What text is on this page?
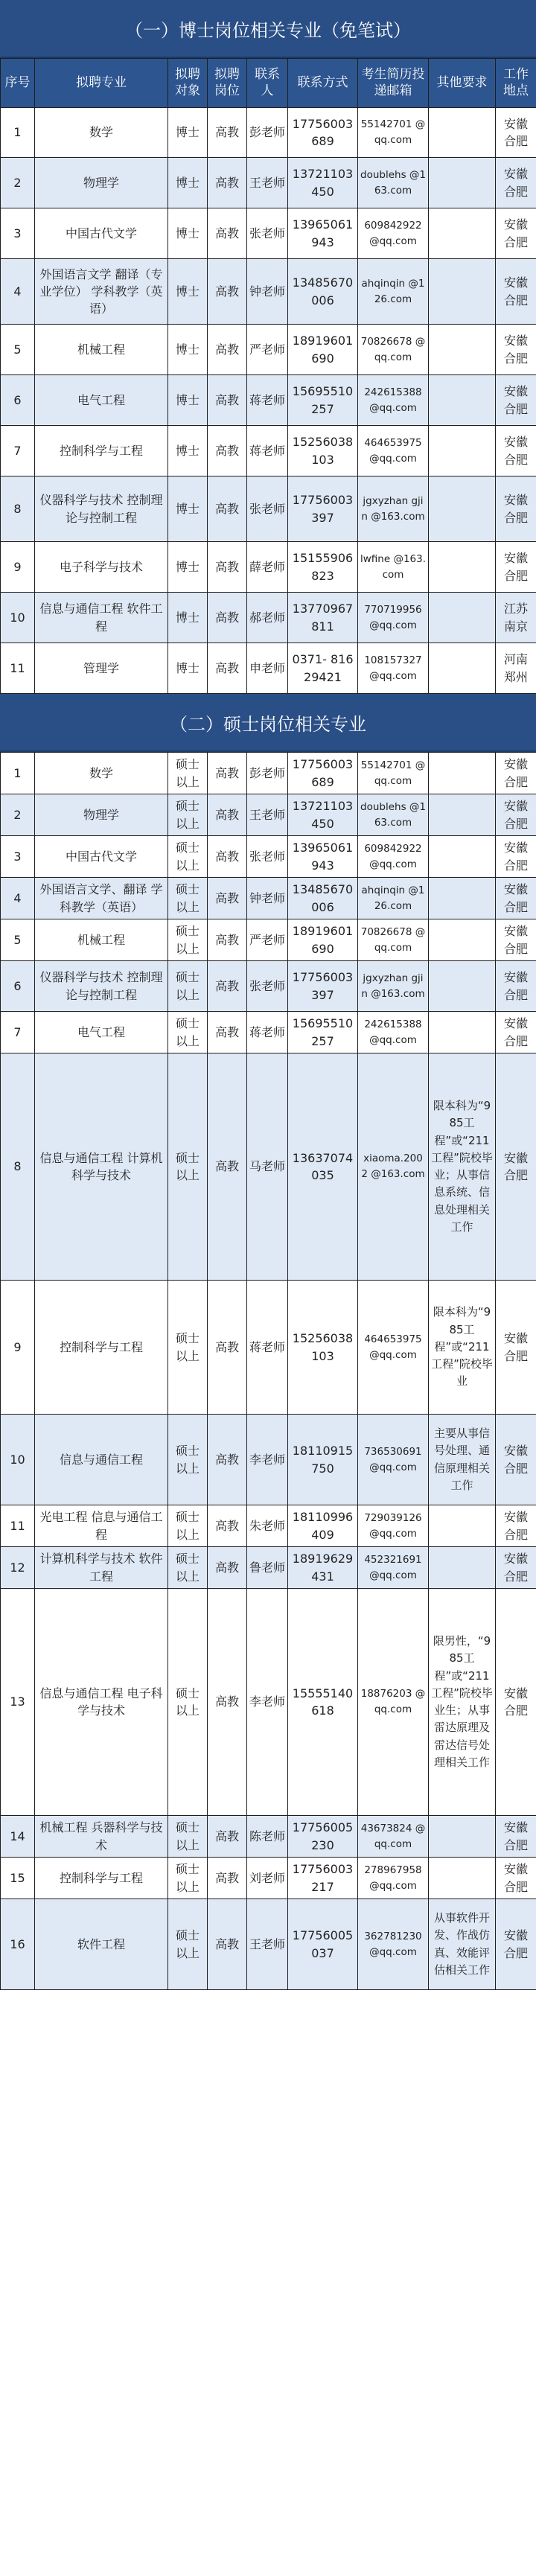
（一）博士岗位相关专业（免笔试）
序号	拟聘专业	拟聘对象	拟聘岗位	联系人	联系方式	考生简历投递邮箱	其他要求	工作地点
1	数学	博士	高教	彭老师	17756003 689	55142701 @qq.com		安徽 合肥
2	物理学	博士	高教	王老师	13721103 450	doublehs @163.com		安徽 合肥
3	中国古代文学	博士	高教	张老师	13965061 943	609842922 @qq.com		安徽 合肥
4	外国语言文学 翻译（专业学位） 学科教学（英语）	博士	高教	钟老师	13485670 006	ahqinqin @126.com		安徽 合肥
5	机械工程	博士	高教	严老师	18919601 690	70826678 @qq.com		安徽 合肥
6	电气工程	博士	高教	蒋老师	15695510 257	242615388 @qq.com		安徽 合肥
7	控制科学与工程	博士	高教	蒋老师	15256038 103	464653975 @qq.com		安徽 合肥
8	仪器科学与技术 控制理论与控制工程	博士	高教	张老师	17756003 397	jgxyzhan gjin @163.com		安徽 合肥
9	电子科学与技术	博士	高教	薛老师	15155906 823	lwfine @163.com		安徽 合肥
10	信息与通信工程 软件工程	博士	高教	郝老师	13770967 811	770719956 @qq.com		江苏 南京
11	管理学	博士	高教	申老师	0371- 81629421	108157327 @qq.com		河南 郑州
（二）硕士岗位相关专业
1	数学	硕士 以上	高教	彭老师	17756003 689	55142701 @qq.com		安徽 合肥
2	物理学	硕士 以上	高教	王老师	13721103 450	doublehs @163.com		安徽 合肥
3	中国古代文学	硕士 以上	高教	张老师	13965061 943	609842922 @qq.com		安徽 合肥
4	外国语言文学、翻译 学科教学（英语）	硕士 以上	高教	钟老师	13485670 006	ahqinqin @126.com		安徽 合肥
5	机械工程	硕士 以上	高教	严老师	18919601 690	70826678 @qq.com		安徽 合肥
6	仪器科学与技术 控制理论与控制工程	硕士 以上	高教	张老师	17756003 397	jgxyzhan gjin @163.com		安徽 合肥
7	电气工程	硕士 以上	高教	蒋老师	15695510 257	242615388 @qq.com		安徽 合肥
8	信息与通信工程 计算机科学与技术	硕士 以上	高教	马老师	13637074 035	xiaoma.2002 @163.com	限本科为“985工程”或“211工程”院校毕业；从事信息系统、信息处理相关工作	安徽 合肥
9	控制科学与工程	硕士 以上	高教	蒋老师	15256038 103	464653975 @qq.com	限本科为“985工程”或“211工程”院校毕业	安徽 合肥
10	信息与通信工程	硕士 以上	高教	李老师	18110915 750	736530691 @qq.com	主要从事信号处理、通信原理相关工作	安徽 合肥
11	光电工程 信息与通信工程	硕士 以上	高教	朱老师	18110996 409	729039126 @qq.com		安徽 合肥
12	计算机科学与技术 软件工程	硕士 以上	高教	鲁老师	18919629 431	452321691 @qq.com		安徽 合肥
13	信息与通信工程 电子科学与技术	硕士 以上	高教	李老师	15555140 618	18876203 @qq.com	限男性，“985工程”或“211工程”院校毕业生；从事雷达原理及雷达信号处理相关工作	安徽 合肥
14	机械工程 兵器科学与技术	硕士 以上	高教	陈老师	17756005 230	43673824 @qq.com		安徽 合肥
15	控制科学与工程	硕士 以上	高教	刘老师	17756003 217	278967958 @qq.com		安徽 合肥
16	软件工程	硕士 以上	高教	王老师	17756005 037	362781230 @qq.com	从事软件开发、作战仿真、效能评估相关工作	安徽 合肥
